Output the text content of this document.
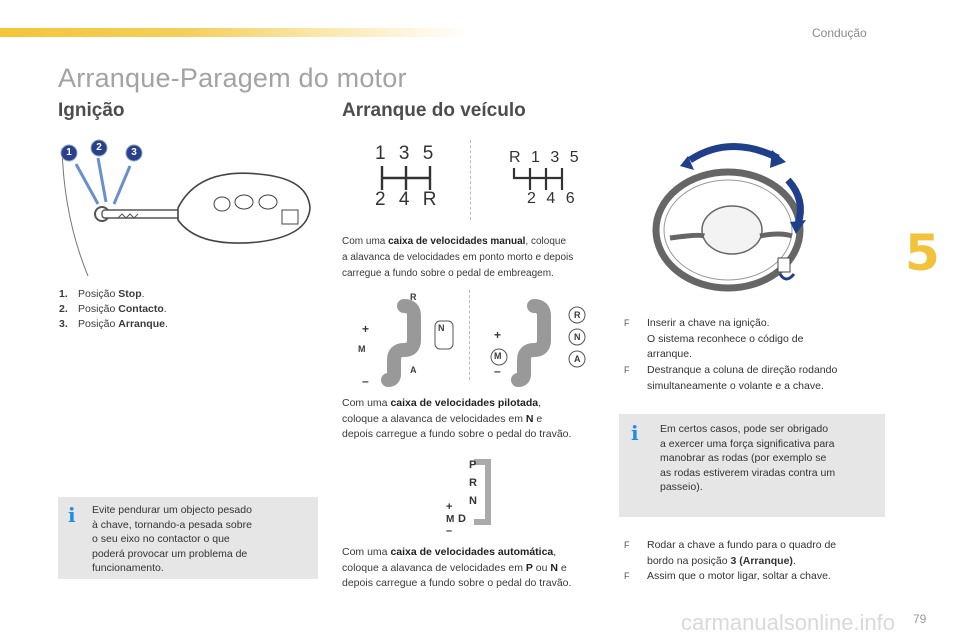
Condução
5
Arranque-Paragem do motor
Ignição
1	2	3
1. Posição Stop.
2. Posição Contacto.
3. Posição Arranque.
i Evite pendurar um objecto pesado
à chave, tornando-a pesada sobre
o seu eixo no contactor o que
poderá provocar um problema de
funcionamento.
Arranque do veículo
1 3 5
2 4 R
R 1 3 5
2 4 6
Com uma caixa de velocidades manual, coloque
a alavanca de velocidades em ponto morto e depois
carregue a fundo sobre o pedal de embreagem.
R
A
M
+
–
N
R
N
A
M
+
–
Com uma caixa de velocidades pilotada,
coloque a alavanca de velocidades em N e
depois carregue a fundo sobre o pedal do travão.
P
R
N
D
M
+
–
Com uma caixa de velocidades automática,
coloque a alavanca de velocidades em P ou N e
depois carregue a fundo sobre o pedal do travão.
F	Inserir a chave na ignição.
O sistema reconhece o código de
arranque.
F	Destranque a coluna de direção rodando
simultaneamente o volante e a chave.
i Em certos casos, pode ser obrigado
a exercer uma força significativa para
manobrar as rodas (por exemplo se
as rodas estiverem viradas contra um
passeio).
F	Rodar a chave a fundo para o quadro de
bordo na posição 3 (Arranque).
F	Assim que o motor ligar, soltar a chave.
carmanualsonline.info 79
